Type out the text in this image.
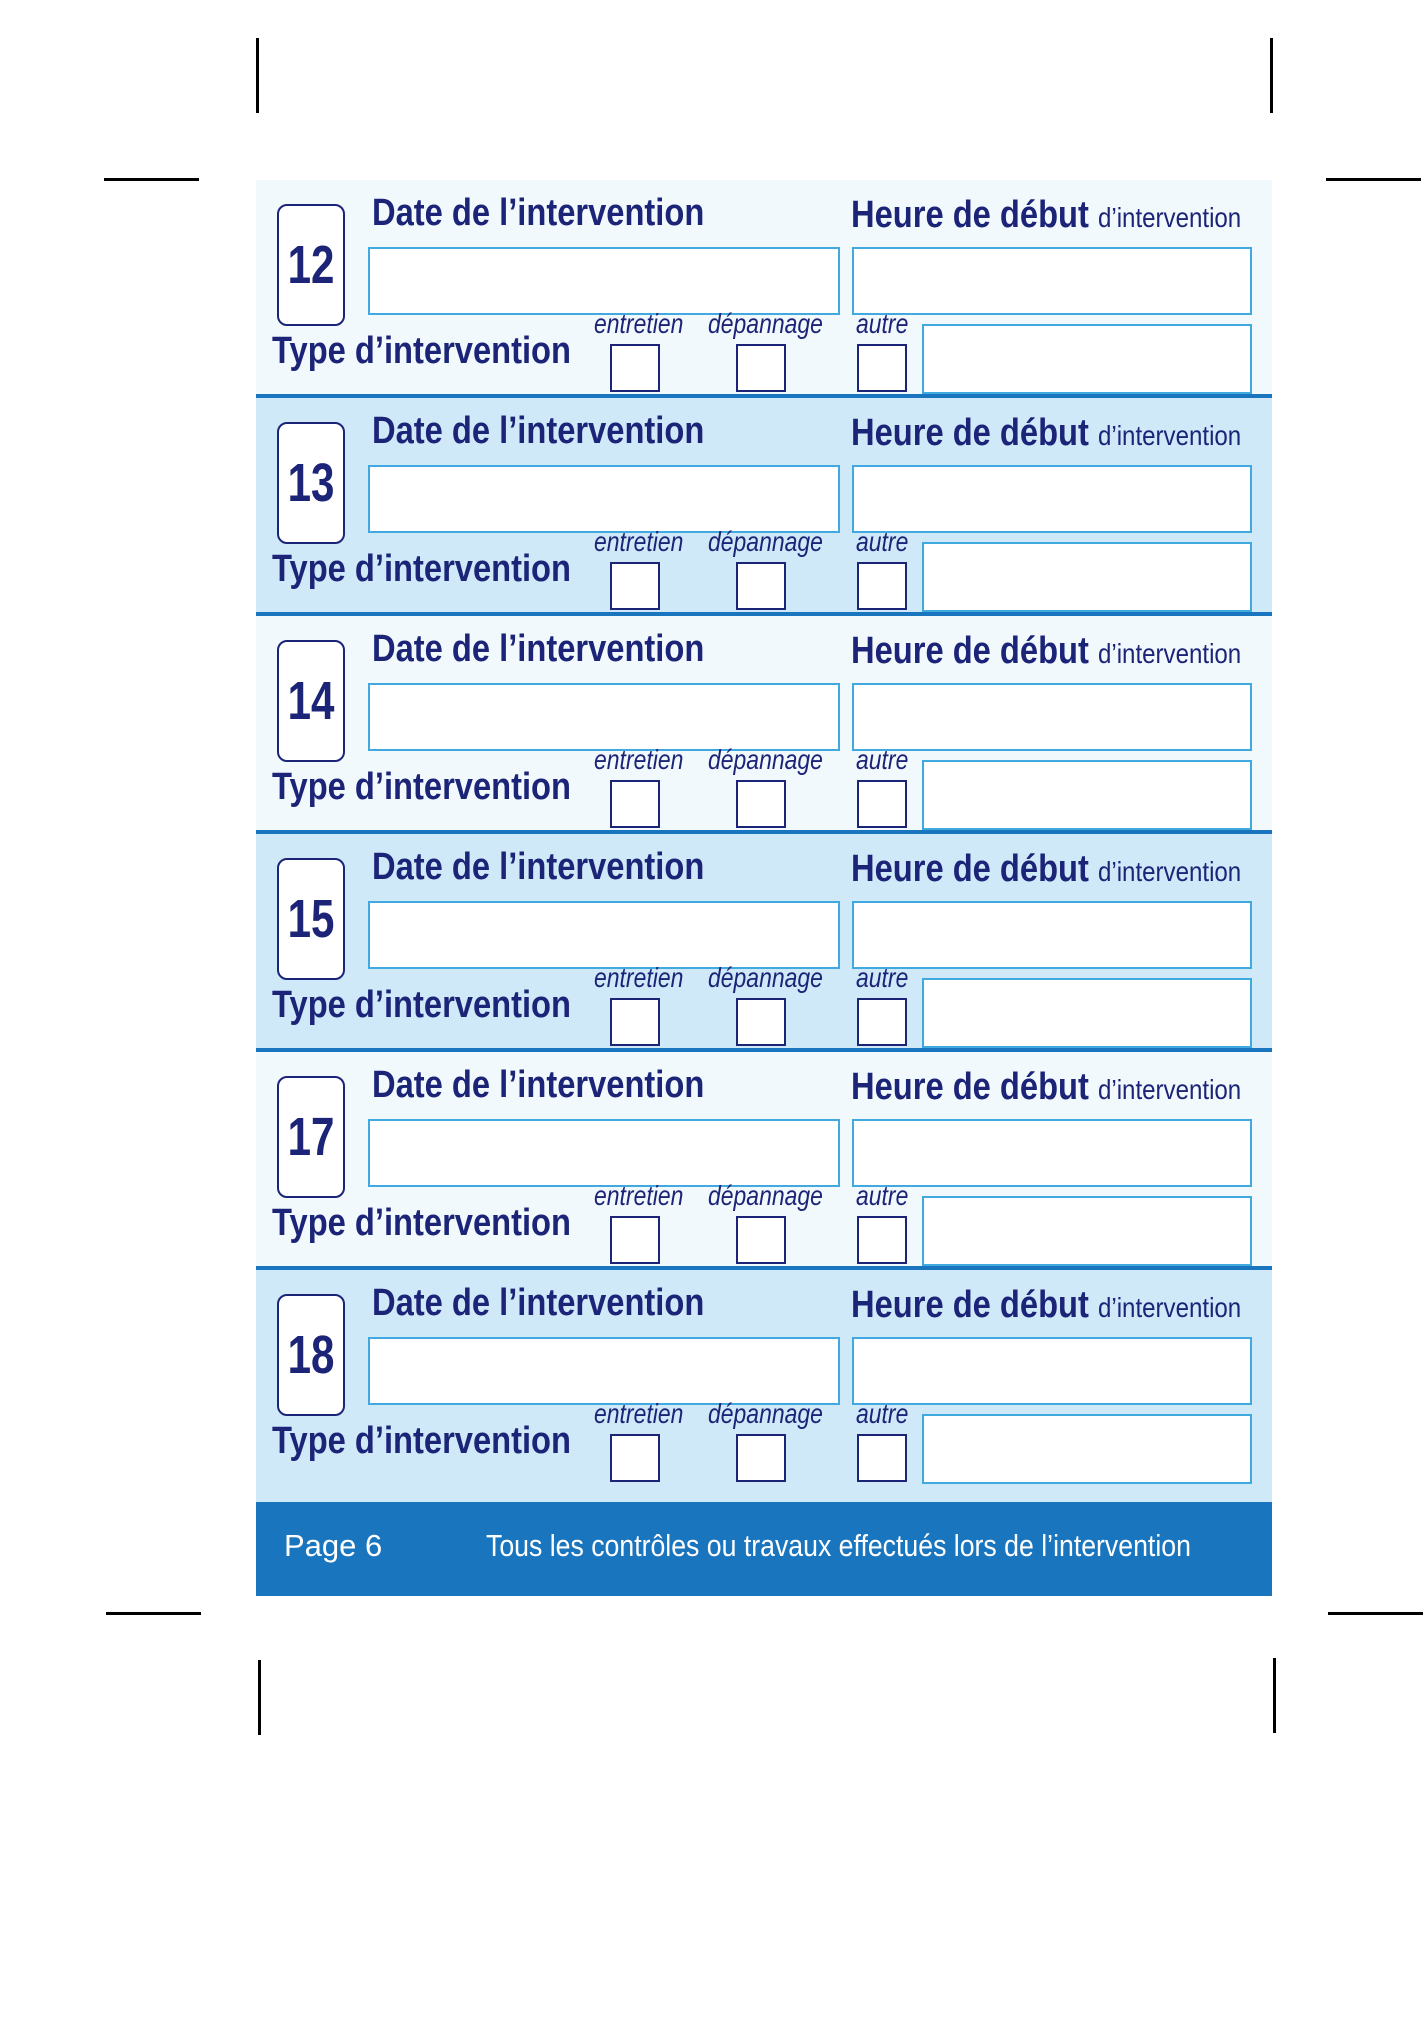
12
Date de l’intervention	Heure de début d’intervention
Type d’intervention
entretien dépannage autre
13
Date de l’intervention	Heure de début d’intervention
Type d’intervention
entretien dépannage autre
14
Date de l’intervention	Heure de début d’intervention
Type d’intervention
entretien dépannage autre
15
Date de l’intervention	Heure de début d’intervention
Type d’intervention
entretien dépannage autre
17
Date de l’intervention	Heure de début d’intervention
Type d’intervention
entretien dépannage autre
18
Date de l’intervention	Heure de début d’intervention
Type d’intervention
entretien dépannage autre
Page 6	Tous les contrôles ou travaux effectués lors de l’intervention
